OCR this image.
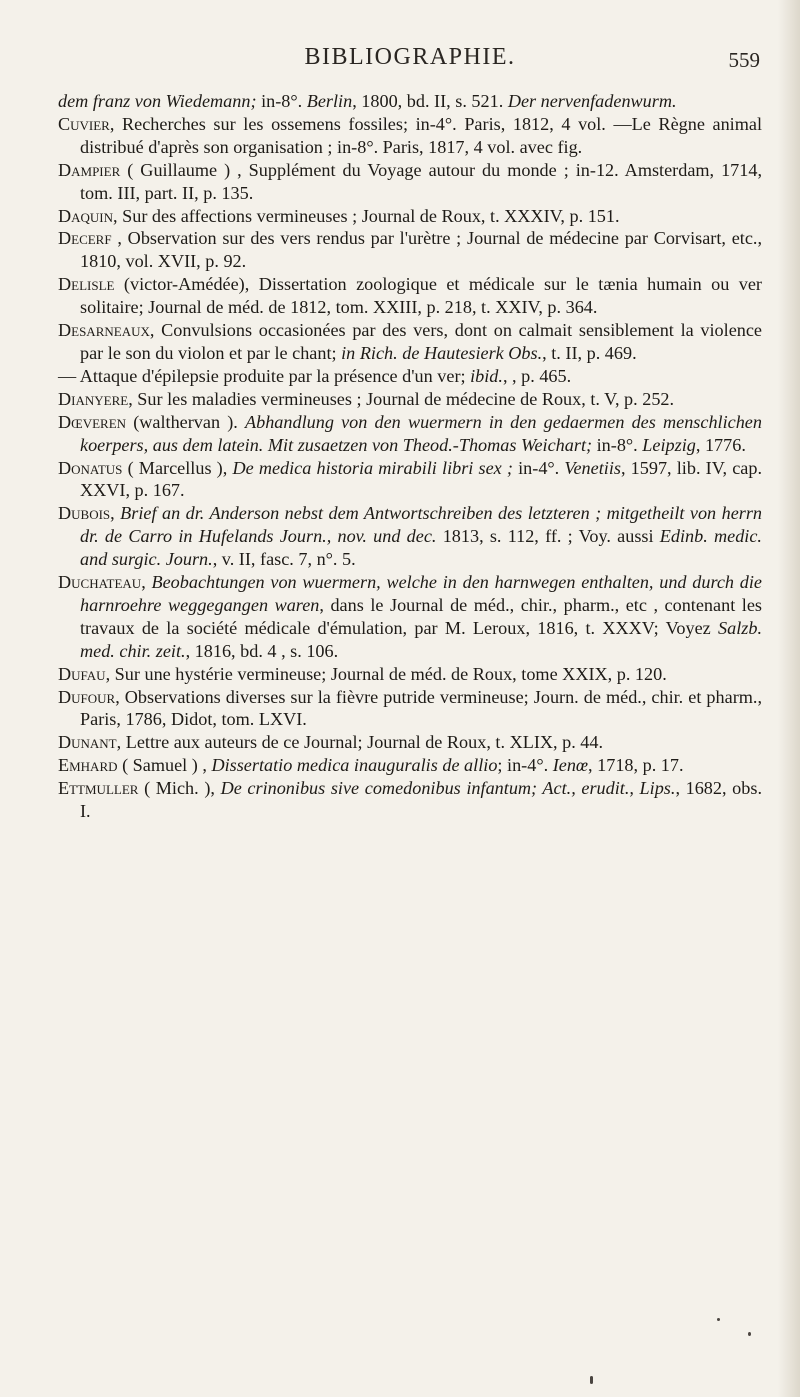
BIBLIOGRAPHIE.	559

dem franz von Wiedemann; in-8°. Berlin, 1800, bd. II, s. 521. Der nervenfadenwurm.

Cuvier, Recherches sur les ossemens fossiles; in-4°. Paris, 1812, 4 vol. —Le Règne animal distribué d'après son organisation ; in-8°. Paris, 1817, 4 vol. avec fig.

Dampier ( Guillaume ) , Supplément du Voyage autour du monde ; in-12. Amsterdam, 1714, tom. III, part. II, p. 135.

Daquin, Sur des affections vermineuses ; Journal de Roux, t. XXXIV, p. 151.

Decerf , Observation sur des vers rendus par l'urètre ; Journal de médecine par Corvisart, etc., 1810, vol. XVII, p. 92.

Delisle (victor-Amédée), Dissertation zoologique et médicale sur le tænia humain ou ver solitaire; Journal de méd. de 1812, tom. XXIII, p. 218, t. XXIV, p. 364.

Desarneaux, Convulsions occasionées par des vers, dont on calmait sensiblement la violence par le son du violon et par le chant; in Rich. de Hautesierk Obs., t. II, p. 469.

— Attaque d'épilepsie produite par la présence d'un ver; ibid., , p. 465.

Dianyere, Sur les maladies vermineuses ; Journal de médecine de Roux, t. V, p. 252.

Dœveren (walthervan ). Abhandlung von den wuermern in den gedaermen des menschlichen koerpers, aus dem latein. Mit zusaetzen von Theod.-Thomas Weichart; in-8°. Leipzig, 1776.

Donatus ( Marcellus ), De medica historia mirabili libri sex ; in-4°. Venetiis, 1597, lib. IV, cap. XXVI, p. 167.

Dubois, Brief an dr. Anderson nebst dem Antwortschreiben des letzteren ; mitgetheilt von herrn dr. de Carro in Hufelands Journ., nov. und dec. 1813, s. 112, ff. ; Voy. aussi Edinb. medic. and surgic. Journ., v. II, fasc. 7, n°. 5.

Duchateau, Beobachtungen von wuermern, welche in den harnwegen enthalten, und durch die harnroehre weggegangen waren, dans le Journal de méd., chir., pharm., etc , contenant les travaux de la société médicale d'émulation, par M. Leroux, 1816, t. XXXV; Voyez Salzb. med. chir. zeit., 1816, bd. 4 , s. 106.

Dufau, Sur une hystérie vermineuse; Journal de méd. de Roux, tome XXIX, p. 120.

Dufour, Observations diverses sur la fièvre putride vermineuse; Journ. de méd., chir. et pharm., Paris, 1786, Didot, tom. LXVI.

Dunant, Lettre aux auteurs de ce Journal; Journal de Roux, t. XLIX, p. 44.

Emhard ( Samuel ) , Dissertatio medica inauguralis de allio; in-4°. Ienœ, 1718, p. 17.

Ettmuller ( Mich. ), De crinonibus sive comedonibus infantum; Act., erudit., Lips., 1682, obs. I.
